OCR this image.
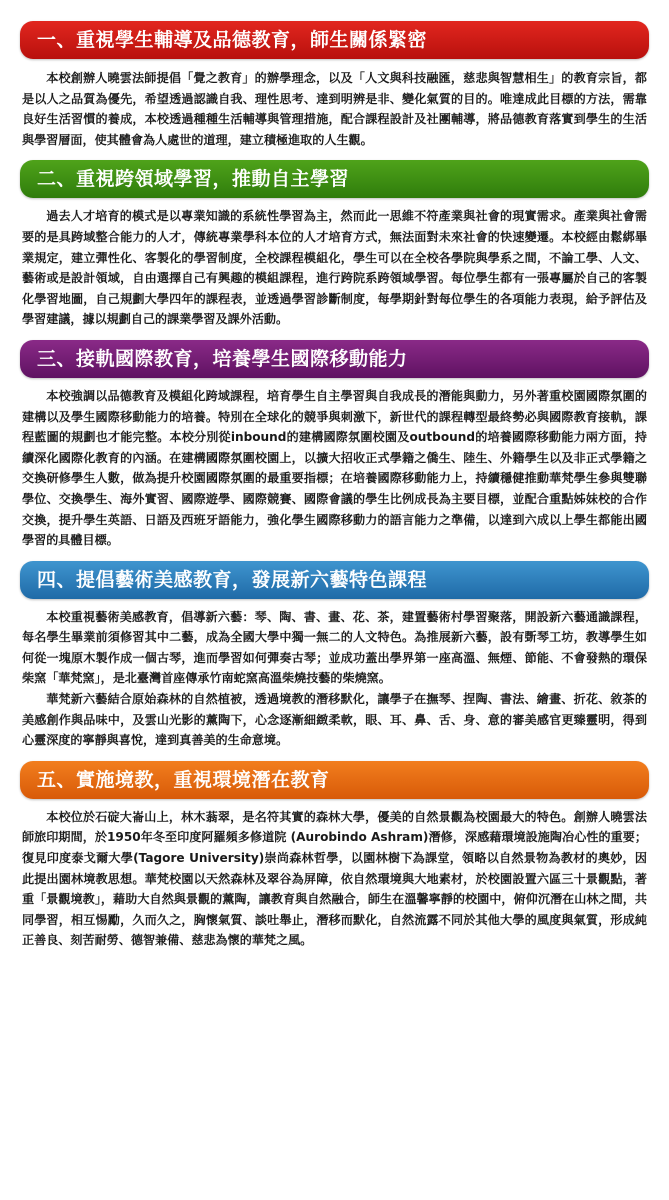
一、重視學生輔導及品德教育，師生關係緊密

本校創辦人曉雲法師提倡「覺之教育」的辦學理念，以及「人文與科技融匯，慈悲與智慧相生」的教育宗旨，都是以人之品質為優先，希望透過認識自我、理性思考、達到明辨是非、變化氣質的目的。唯達成此目標的方法，需靠良好生活習慣的養成，本校透過種種生活輔導與管理措施，配合課程設計及社團輔導，將品德教育落實到學生的生活與學習層面，使其體會為人處世的道理，建立積極進取的人生觀。

二、重視跨領域學習，推動自主學習

過去人才培育的模式是以專業知識的系統性學習為主，然而此一思維不符產業與社會的現實需求。產業與社會需要的是具跨域整合能力的人才，傳統專業學科本位的人才培育方式，無法面對未來社會的快速變遷。本校經由鬆綁畢業規定，建立彈性化、客製化的學習制度，全校課程模組化，學生可以在全校各學院與學系之間，不論工學、人文、藝術或是設計領域，自由選擇自己有興趣的模組課程，進行跨院系跨領域學習。每位學生都有一張專屬於自己的客製化學習地圖，自己規劃大學四年的課程表，並透過學習診斷制度，每學期針對每位學生的各項能力表現，給予評估及學習建議，據以規劃自己的課業學習及課外活動。

三、接軌國際教育，培養學生國際移動能力

本校強調以品德教育及模組化跨域課程，培育學生自主學習與自我成長的潛能與動力，另外著重校園國際氛圍的建構以及學生國際移動能力的培養。特別在全球化的競爭與刺激下，新世代的課程轉型最終勢必與國際教育接軌，課程藍圖的規劃也才能完整。本校分別從inbound的建構國際氛圍校園及outbound的培養國際移動能力兩方面，持續深化國際化教育的內涵。在建構國際氛圍校園上，以擴大招收正式學籍之僑生、陸生、外籍學生以及非正式學籍之交換研修學生人數，做為提升校園國際氛圍的最重要指標；在培養國際移動能力上，持續穩健推動華梵學生參與雙聯學位、交換學生、海外實習、國際遊學、國際競賽、國際會議的學生比例成長為主要目標，並配合重點姊妹校的合作交換，提升學生英語、日語及西班牙語能力，強化學生國際移動力的語言能力之準備，以達到六成以上學生都能出國學習的具體目標。

四、提倡藝術美感教育，發展新六藝特色課程

本校重視藝術美感教育，倡導新六藝：琴、陶、書、畫、花、茶，建置藝術村學習聚落，開設新六藝通識課程，每名學生畢業前須修習其中二藝，成為全國大學中獨一無二的人文特色。為推展新六藝，設有斲琴工坊，教導學生如何從一塊原木製作成一個古琴，進而學習如何彈奏古琴；並成功蓋出學界第一座高溫、無煙、節能、不會發熱的環保柴窯「華梵窯」，是北臺灣首座傳承竹南蛇窯高溫柴燒技藝的柴燒窯。

華梵新六藝結合原始森林的自然植被，透過境教的潛移默化，讓學子在撫琴、捏陶、書法、繪畫、折花、敘茶的美感創作與品味中，及雲山光影的薰陶下，心念逐漸細緻柔軟，眼、耳、鼻、舌、身、意的審美感官更臻靈明，得到心靈深度的寧靜與喜悅，達到真善美的生命意境。

五、實施境教，重視環境潛在教育

本校位於石碇大崙山上，林木蓊翠，是名符其實的森林大學，優美的自然景觀為校園最大的特色。創辦人曉雲法師旅印期間，於1950年冬至印度阿羅頻多修道院 (Aurobindo Ashram)潛修，深感藉環境設施陶冶心性的重要；復見印度泰戈爾大學(Tagore University)崇尚森林哲學，以園林樹下為課堂，領略以自然景物為教材的奧妙，因此提出園林境教思想。華梵校園以天然森林及翠谷為屏障，依自然環境與大地素材，於校園設置六區三十景觀點，著重「景觀境教」，藉助大自然與景觀的薰陶，讓教育與自然融合，師生在溫馨寧靜的校園中，俯仰沉潛在山林之間，共同學習，相互惕勵，久而久之，胸懷氣質、談吐舉止，潛移而默化，自然流露不同於其他大學的風度與氣質，形成純正善良、刻苦耐勞、德智兼備、慈悲為懷的華梵之風。
